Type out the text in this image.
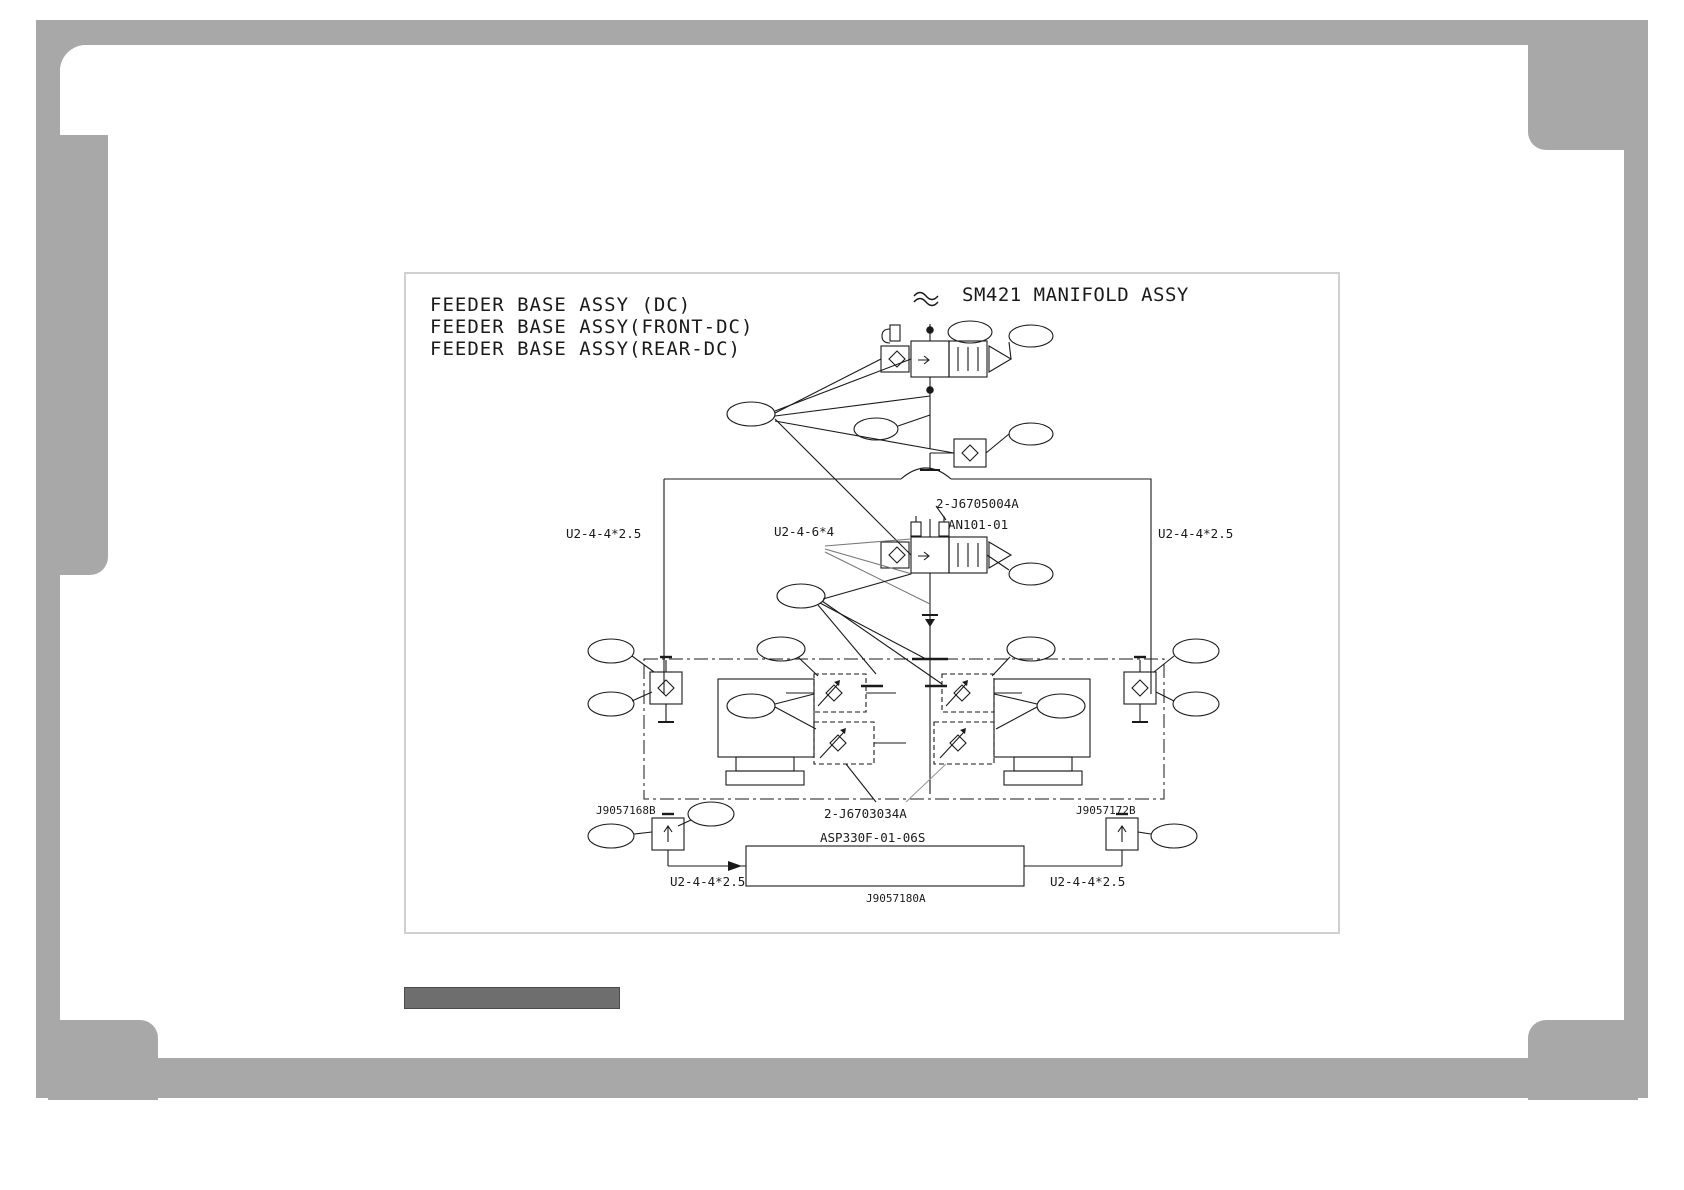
FEEDER BASE ASSY (DC)
FEEDER BASE ASSY(FRONT-DC)
FEEDER BASE ASSY(REAR-DC)
SM421 MANIFOLD ASSY
2-J6705004A
AN101-01
U2-4-4*2.5	U2-4-4*2.5
U2-4-6*4
J9057168B	J9057172B
2-J6703034A
ASP330F-01-06S
J9057180A
U2-4-4*2.5	U2-4-4*2.5
